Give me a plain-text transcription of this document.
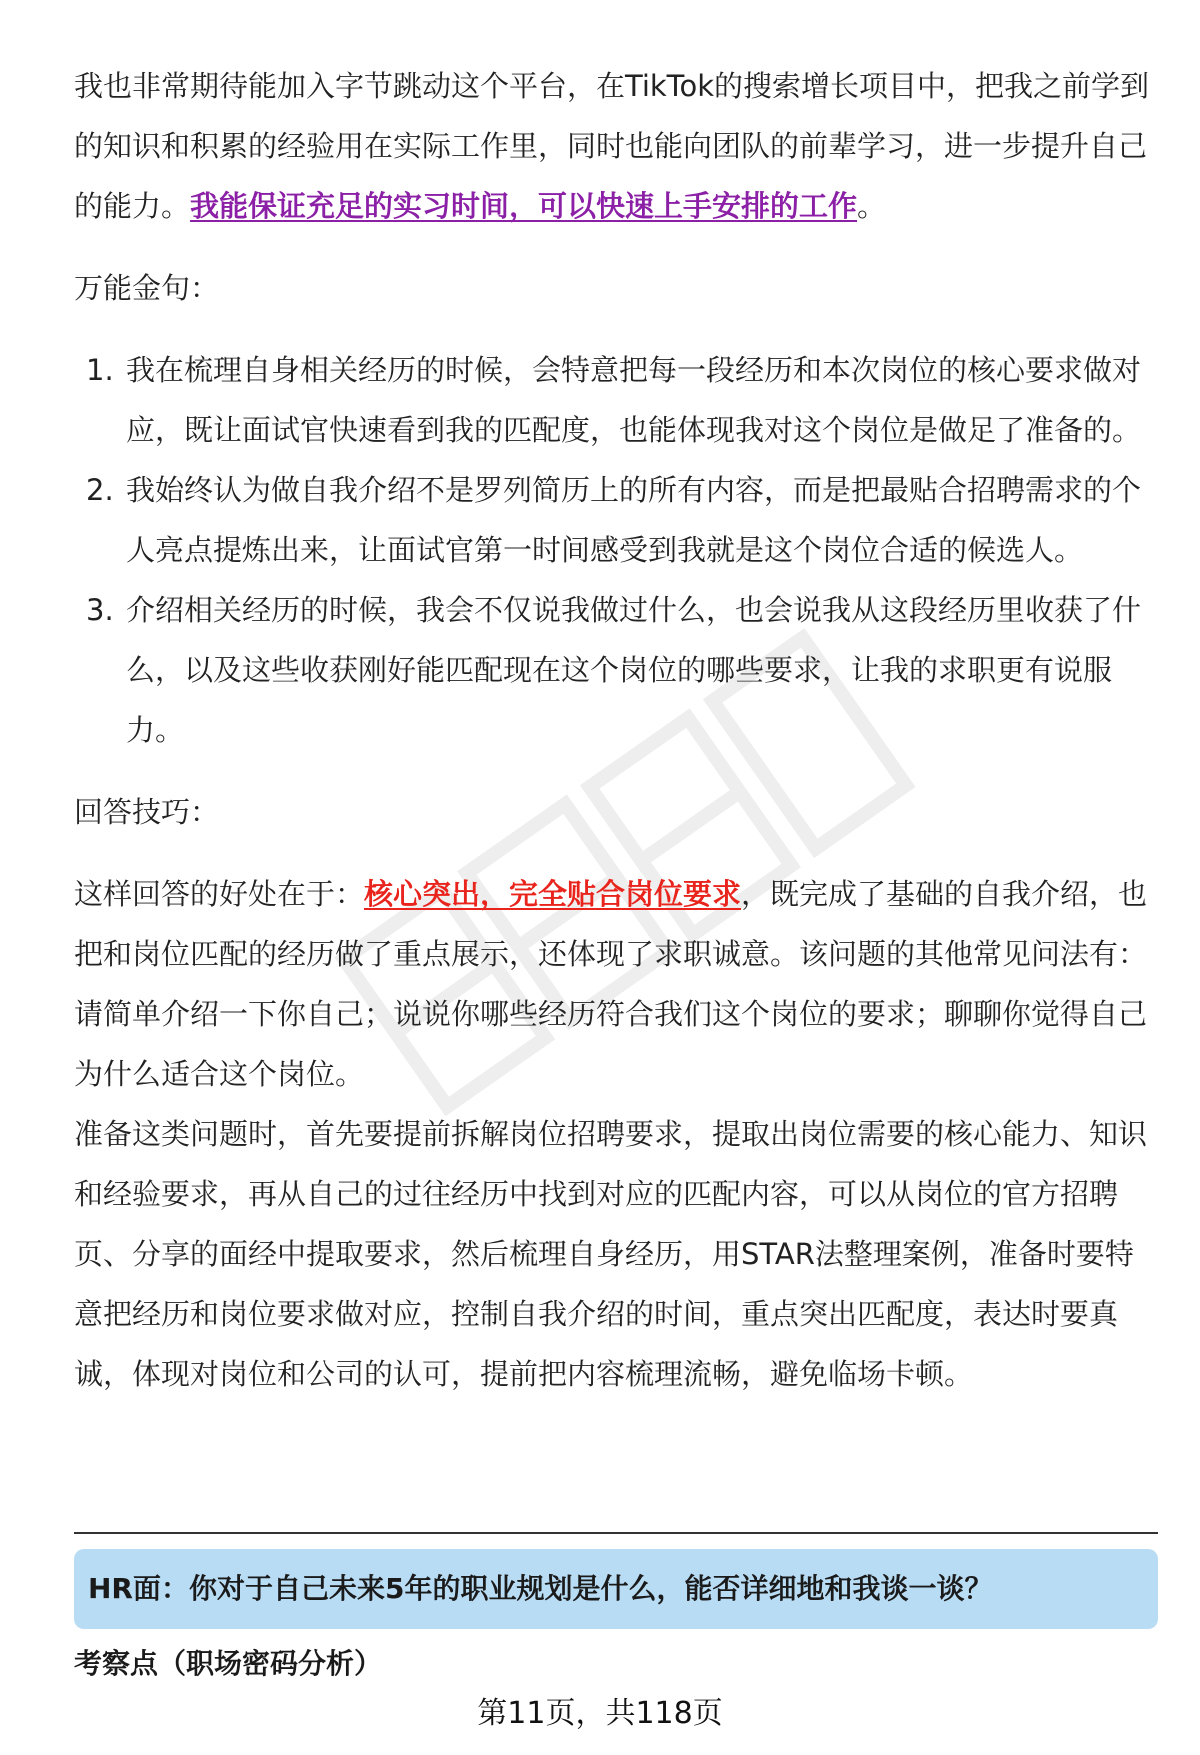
我也非常期待能加入字节跳动这个平台，在TikTok的搜索增长项目中，把我之前学到的知识和积累的经验用在实际工作里，同时也能向团队的前辈学习，进一步提升自己的能力。我能保证充足的实习时间，可以快速上手安排的工作。

万能金句：

1. 我在梳理自身相关经历的时候，会特意把每一段经历和本次岗位的核心要求做对应，既让面试官快速看到我的匹配度，也能体现我对这个岗位是做足了准备的。
2. 我始终认为做自我介绍不是罗列简历上的所有内容，而是把最贴合招聘需求的个人亮点提炼出来，让面试官第一时间感受到我就是这个岗位合适的候选人。
3. 介绍相关经历的时候，我会不仅说我做过什么，也会说我从这段经历里收获了什么，以及这些收获刚好能匹配现在这个岗位的哪些要求，让我的求职更有说服力。

回答技巧：

这样回答的好处在于：核心突出，完全贴合岗位要求，既完成了基础的自我介绍，也把和岗位匹配的经历做了重点展示，还体现了求职诚意。该问题的其他常见问法有：请简单介绍一下你自己；说说你哪些经历符合我们这个岗位的要求；聊聊你觉得自己为什么适合这个岗位。

准备这类问题时，首先要提前拆解岗位招聘要求，提取出岗位需要的核心能力、知识和经验要求，再从自己的过往经历中找到对应的匹配内容，可以从岗位的官方招聘页、分享的面经中提取要求，然后梳理自身经历，用STAR法整理案例，准备时要特意把经历和岗位要求做对应，控制自我介绍的时间，重点突出匹配度，表达时要真诚，体现对岗位和公司的认可，提前把内容梳理流畅，避免临场卡顿。

HR面：你对于自己未来5年的职业规划是什么，能否详细地和我谈一谈？
考察点（职场密码分析）
第11页，共118页
